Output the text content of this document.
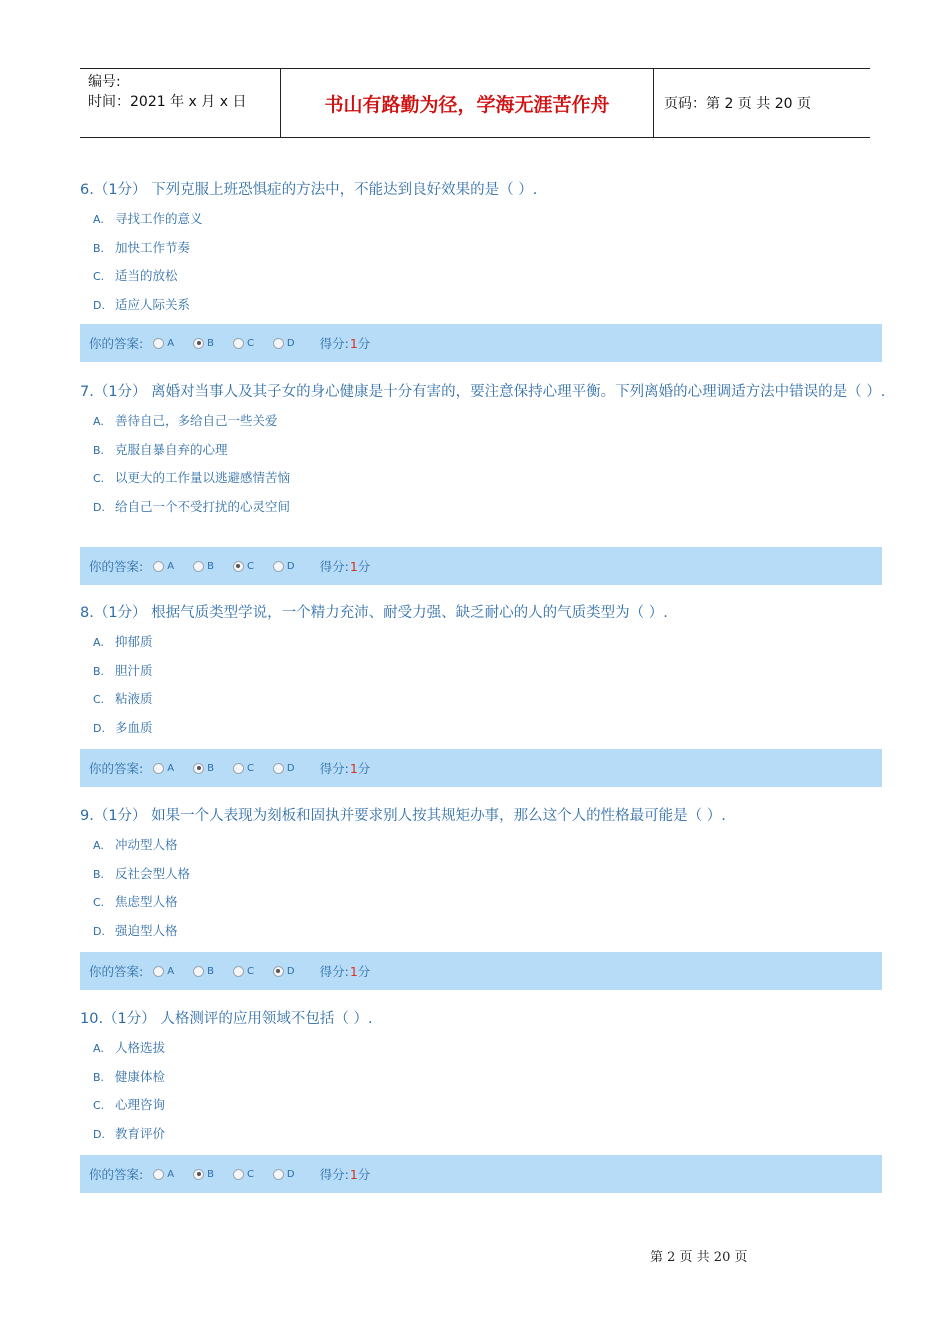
编号:
时间：2021 年 x 月 x 日	书山有路勤为径，学海无涯苦作舟	页码：第 2 页 共 20 页

6.（1分） 下列克服上班恐惧症的方法中，不能达到良好效果的是（ ）.

A. 寻找工作的意义
B. 加快工作节奏
C. 适当的放松
D. 适应人际关系
你的答案: A	B	C	D 得分: 1 分

7.（1分） 离婚对当事人及其子女的身心健康是十分有害的，要注意保持心理平衡。下列离婚的心理调适方法中错误的是（ ）.

A. 善待自己，多给自己一些关爱
B. 克服自暴自弃的心理
C. 以更大的工作量以逃避感情苦恼
D. 给自己一个不受打扰的心灵空间
你的答案: A	B	C	D 得分: 1 分

8.（1分） 根据气质类型学说，一个精力充沛、耐受力强、缺乏耐心的人的气质类型为（ ）.

A. 抑郁质
B. 胆汁质
C. 粘液质
D. 多血质
你的答案: A	B	C	D 得分: 1 分

9.（1分） 如果一个人表现为刻板和固执并要求别人按其规矩办事，那么这个人的性格最可能是（ ）.

A. 冲动型人格
B. 反社会型人格
C. 焦虑型人格
D. 强迫型人格
你的答案: A	B	C	D 得分: 1 分

10.（1分） 人格测评的应用领域不包括（ ）.

A. 人格选拔
B. 健康体检
C. 心理咨询
D. 教育评价
你的答案: A	B	C	D 得分: 1 分
第 2 页 共 20 页
